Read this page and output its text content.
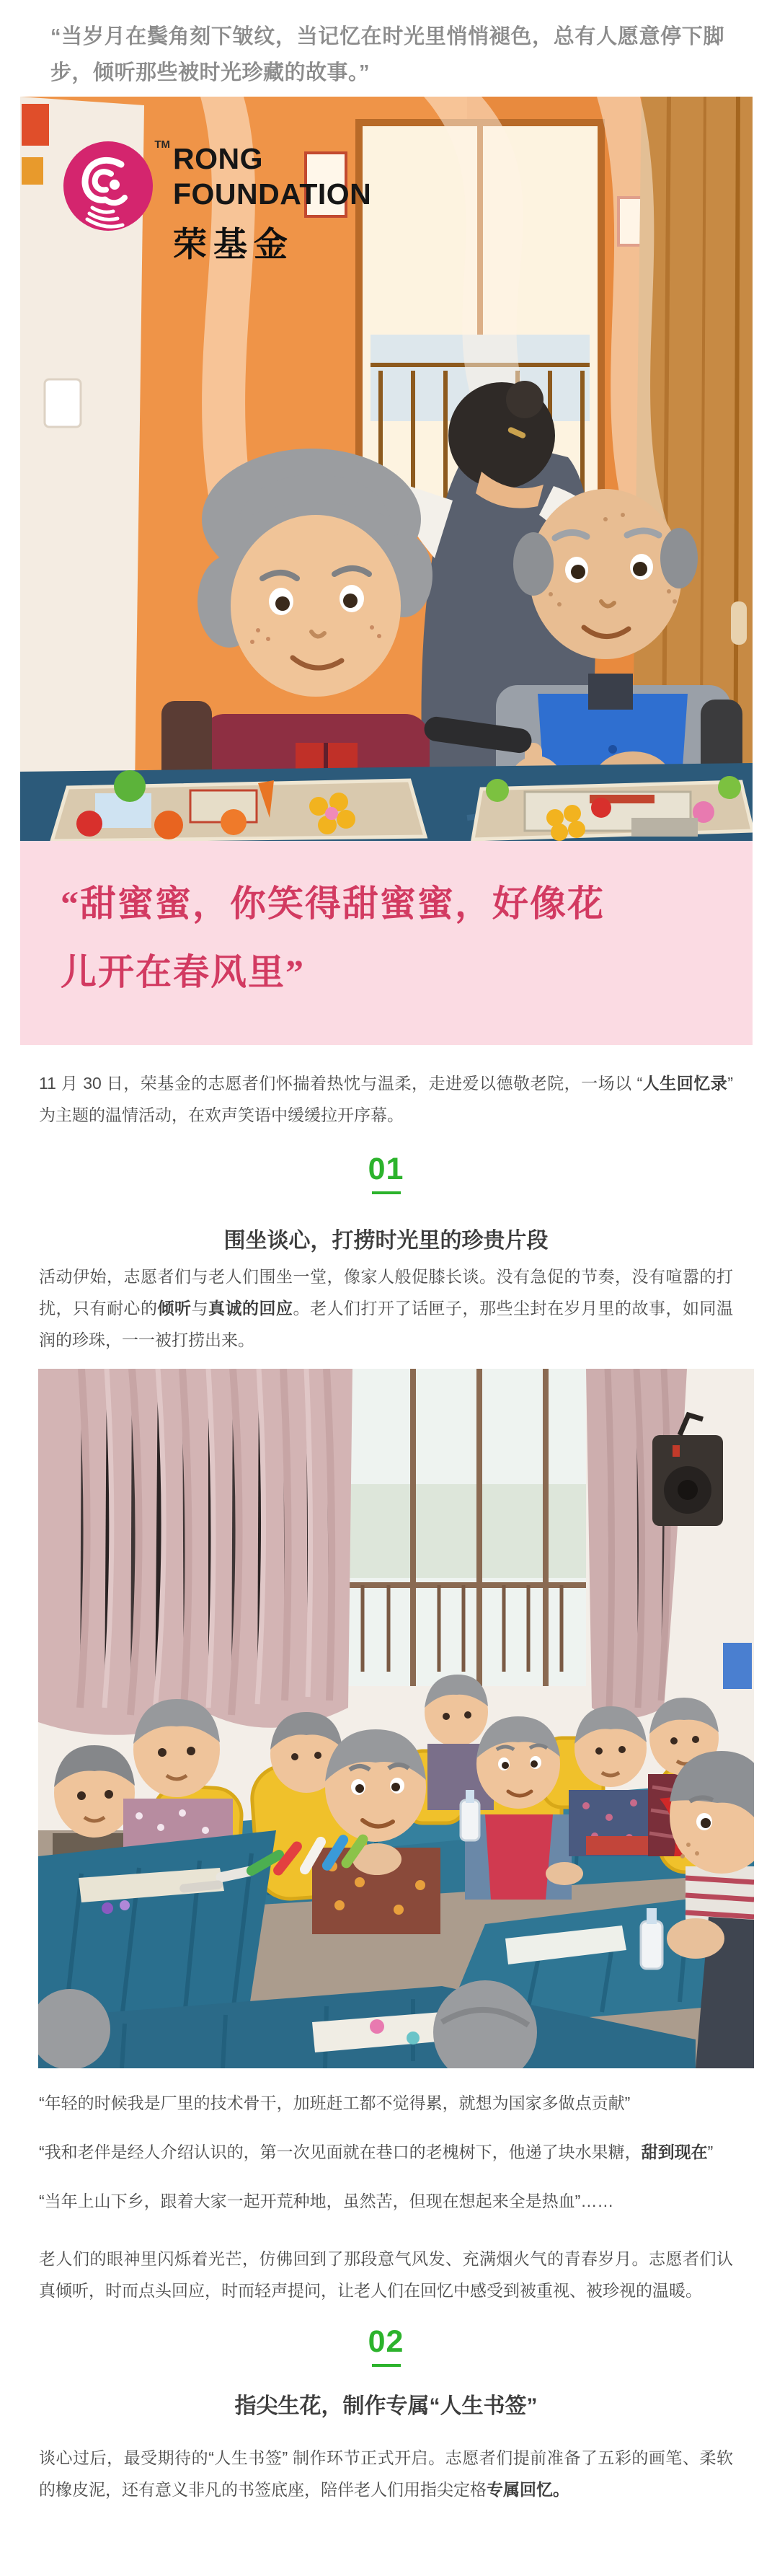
“当岁月在鬓角刻下皱纹，当记忆在时光里悄悄褪色，总有人愿意停下脚步，倾听那些被时光珍藏的故事。”

TM RONG
FOUNDATION
荣基金
“甜蜜蜜，你笑得甜蜜蜜，好像花
儿开在春风里”

11 月 30 日，荣基金的志愿者们怀揣着热忱与温柔，走进爱以德敬老院，一场以 “人生回忆录” 为主题的温情活动，在欢声笑语中缓缓拉开序幕。

01
围坐谈心，打捞时光里的珍贵片段

活动伊始，志愿者们与老人们围坐一堂，像家人般促膝长谈。没有急促的节奏，没有喧嚣的打扰，只有耐心的倾听与真诚的回应。老人们打开了话匣子，那些尘封在岁月里的故事，如同温润的珍珠，一一被打捞出来。

“年轻的时候我是厂里的技术骨干，加班赶工都不觉得累，就想为国家多做点贡献”

“我和老伴是经人介绍认识的，第一次见面就在巷口的老槐树下，他递了块水果糖，甜到现在”

“当年上山下乡，跟着大家一起开荒种地，虽然苦，但现在想起来全是热血”……

老人们的眼神里闪烁着光芒，仿佛回到了那段意气风发、充满烟火气的青春岁月。志愿者们认真倾听，时而点头回应，时而轻声提问，让老人们在回忆中感受到被重视、被珍视的温暖。

02
指尖生花，制作专属“人生书签”

谈心过后，最受期待的“人生书签” 制作环节正式开启。志愿者们提前准备了五彩的画笔、柔软的橡皮泥，还有意义非凡的书签底座，陪伴老人们用指尖定格专属回忆。
